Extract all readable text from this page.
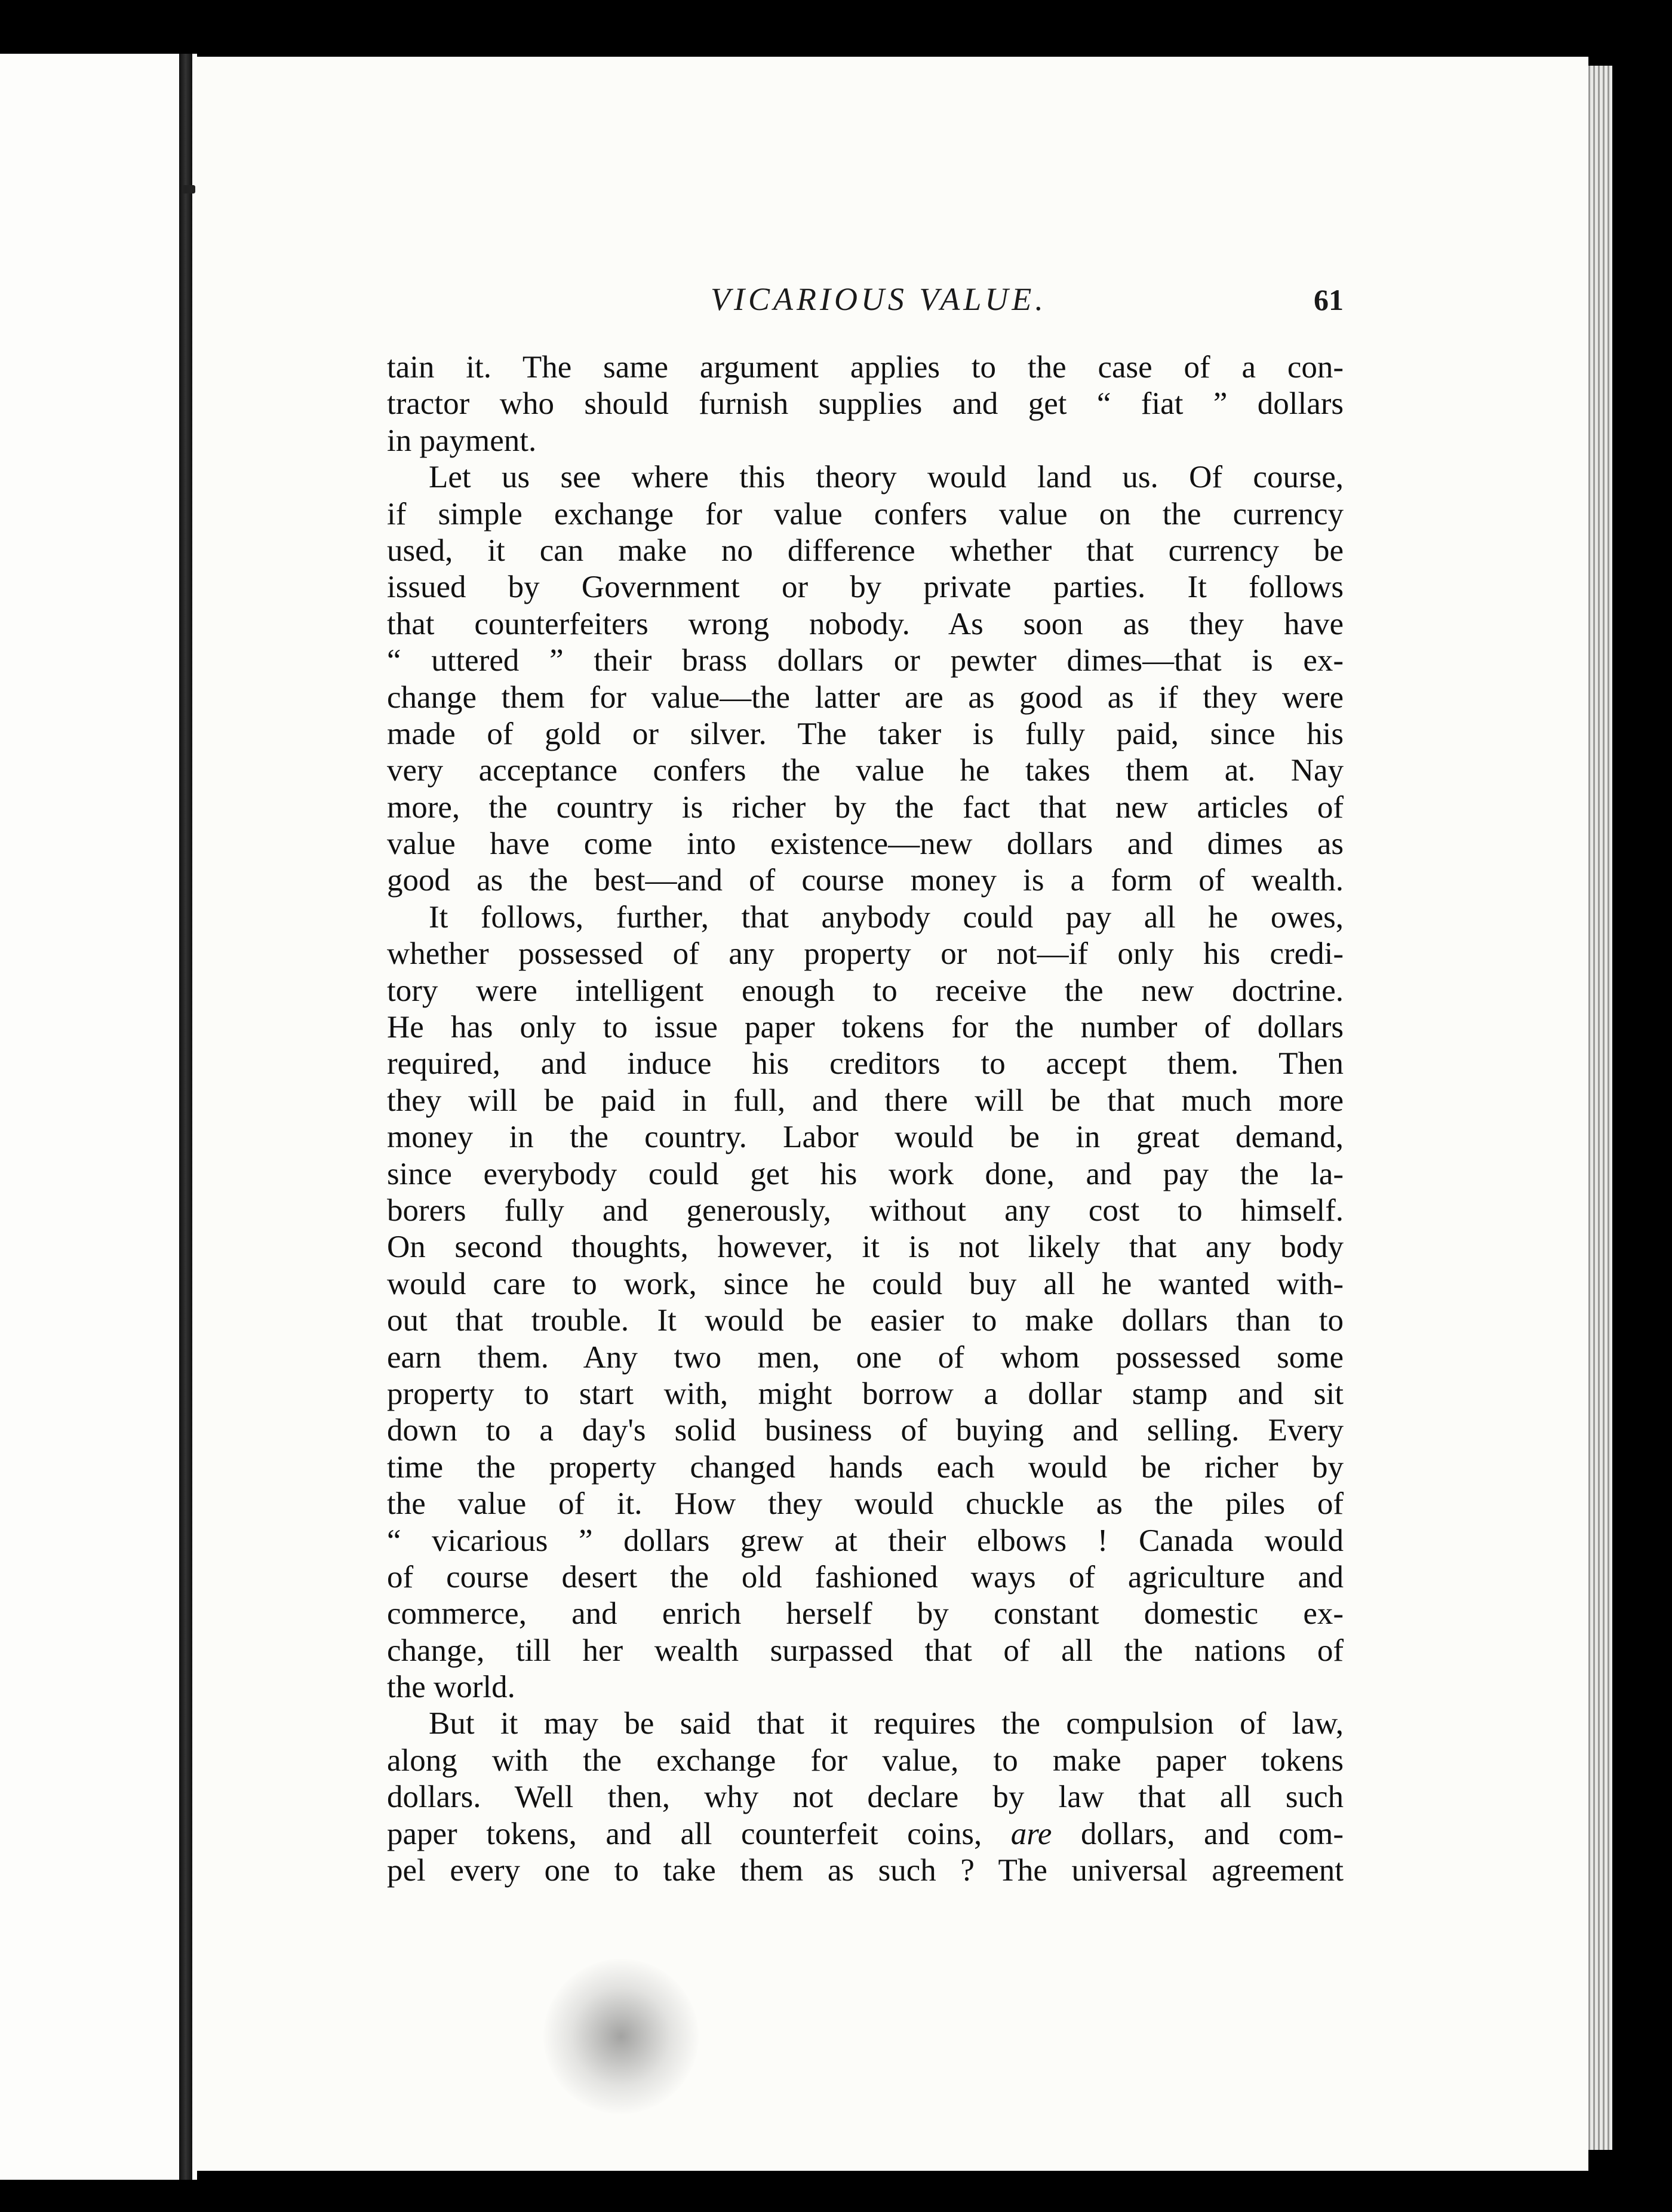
VICARIOUS VALUE.	61
tain it. The same argument applies to the case of a con-
tractor who should furnish supplies and get “ fiat ” dollars
in payment.
Let us see where this theory would land us. Of course,
if simple exchange for value confers value on the currency
used, it can make no difference whether that currency be
issued by Government or by private parties. It follows
that counterfeiters wrong nobody. As soon as they have
“ uttered ” their brass dollars or pewter dimes—that is ex-
change them for value—the latter are as good as if they were
made of gold or silver. The taker is fully paid, since his
very acceptance confers the value he takes them at. Nay
more, the country is richer by the fact that new articles of
value have come into existence—new dollars and dimes as
good as the best—and of course money is a form of wealth.
It follows, further, that anybody could pay all he owes,
whether possessed of any property or not—if only his credi-
tory were intelligent enough to receive the new doctrine.
He has only to issue paper tokens for the number of dollars
required, and induce his creditors to accept them. Then
they will be paid in full, and there will be that much more
money in the country. Labor would be in great demand,
since everybody could get his work done, and pay the la-
borers fully and generously, without any cost to himself.
On second thoughts, however, it is not likely that any body
would care to work, since he could buy all he wanted with-
out that trouble. It would be easier to make dollars than to
earn them. Any two men, one of whom possessed some
property to start with, might borrow a dollar stamp and sit
down to a day's solid business of buying and selling. Every
time the property changed hands each would be richer by
the value of it. How they would chuckle as the piles of
“ vicarious ” dollars grew at their elbows ! Canada would
of course desert the old fashioned ways of agriculture and
commerce, and enrich herself by constant domestic ex-
change, till her wealth surpassed that of all the nations of
the world.
But it may be said that it requires the compulsion of law,
along with the exchange for value, to make paper tokens
dollars. Well then, why not declare by law that all such
paper tokens, and all counterfeit coins, are dollars, and com-
pel every one to take them as such ? The universal agreement
